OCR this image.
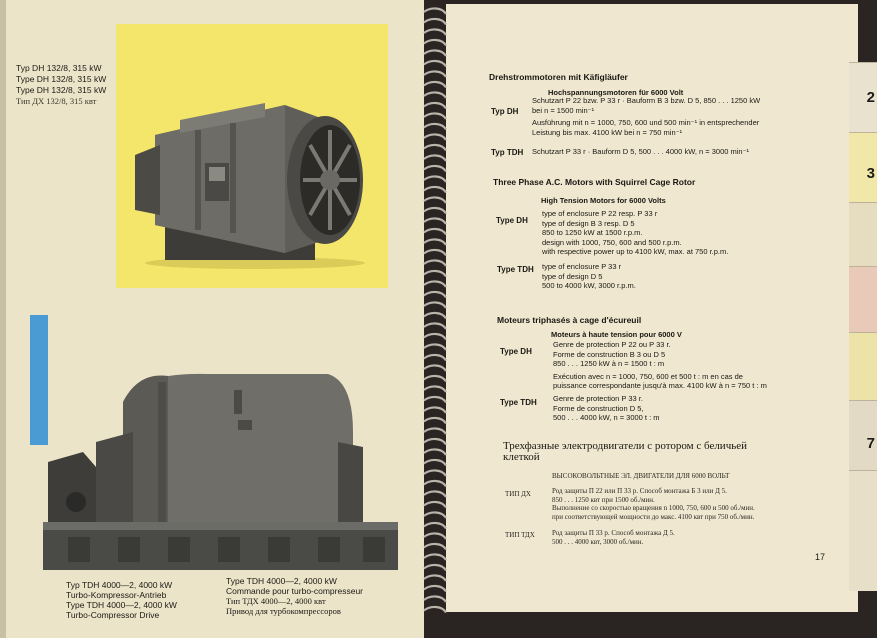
Typ DH 132/8, 315 kW
Type DH 132/8, 315 kW
Type DH 132/8, 315 kW
Тип ДХ 132/8, 315 квт
Typ TDH 4000—2, 4000 kW
Turbo-Kompressor-Antrieb
Type TDH 4000—2, 4000 kW
Turbo-Compressor Drive
Type TDH 4000—2, 4000 kW
Commande pour turbo-compresseur
Тип ТДХ 4000—2, 4000 квт
Привод для турбокомпрессоров
2
3
7
Drehstrommotoren mit Käfigläufer
Hochspannungsmotoren für 6000 Volt
Typ DH
Schutzart P 22 bzw. P 33 r · Bauform B 3 bzw. D 5, 850 . . . 1250 kW
bei n = 1500 min⁻¹
Ausführung mit n = 1000, 750, 600 und 500 min⁻¹ in entsprechender
Leistung bis max. 4100 kW bei n = 750 min⁻¹
Typ TDH Schutzart P 33 r · Bauform D 5, 500 . . . 4000 kW, n = 3000 min⁻¹
Three Phase A.C. Motors with Squirrel Cage Rotor
High Tension Motors for 6000 Volts
Type DH
type of enclosure P 22 resp. P 33 r
type of design B 3 resp. D 5
850 to 1250 kW at 1500 r.p.m.
design with 1000, 750, 600 and 500 r.p.m.
with respective power up to 4100 kW, max. at 750 r.p.m.
Type TDH type of enclosure P 33 r
type of design D 5
500 to 4000 kW, 3000 r.p.m.
Moteurs triphasés à cage d'écureuil
Moteurs à haute tension pour 6000 V
Type DH
Genre de protection P 22 ou P 33 r.
Forme de construction B 3 ou D 5
850 . . . 1250 kW à n = 1500 t : m
Exécution avec n = 1000, 750, 600 et 500 t : m en cas de
puissance correspondante jusqu'à max. 4100 kW à n = 750 t : m
Type TDH Genre de protection P 33 r.
Forme de construction D 5,
500 . . . 4000 kW, n = 3000 t : m
Трехфазные электродвигатели с ротором с беличьей
клеткой
ВЫСОКОВОЛЬТНЫЕ ЭЛ. ДВИГАТЕЛИ ДЛЯ 6000 ВОЛЬТ
ТИП ДХ	Род защиты П 22 или П 33 р. Способ монтажа Б 3 или Д 5.
850 . . . 1250 квт при 1500 об./мин.
Выполнение со скоростью вращения n 1000, 750, 600 и 500 об./мин.
при соответствующей мощности до макс. 4100 квт при 750 об./мин.
ТИП ТДХ Род защиты П 33 р. Способ монтажа Д 5.
500 . . . 4000 квт, 3000 об./мин.
17
